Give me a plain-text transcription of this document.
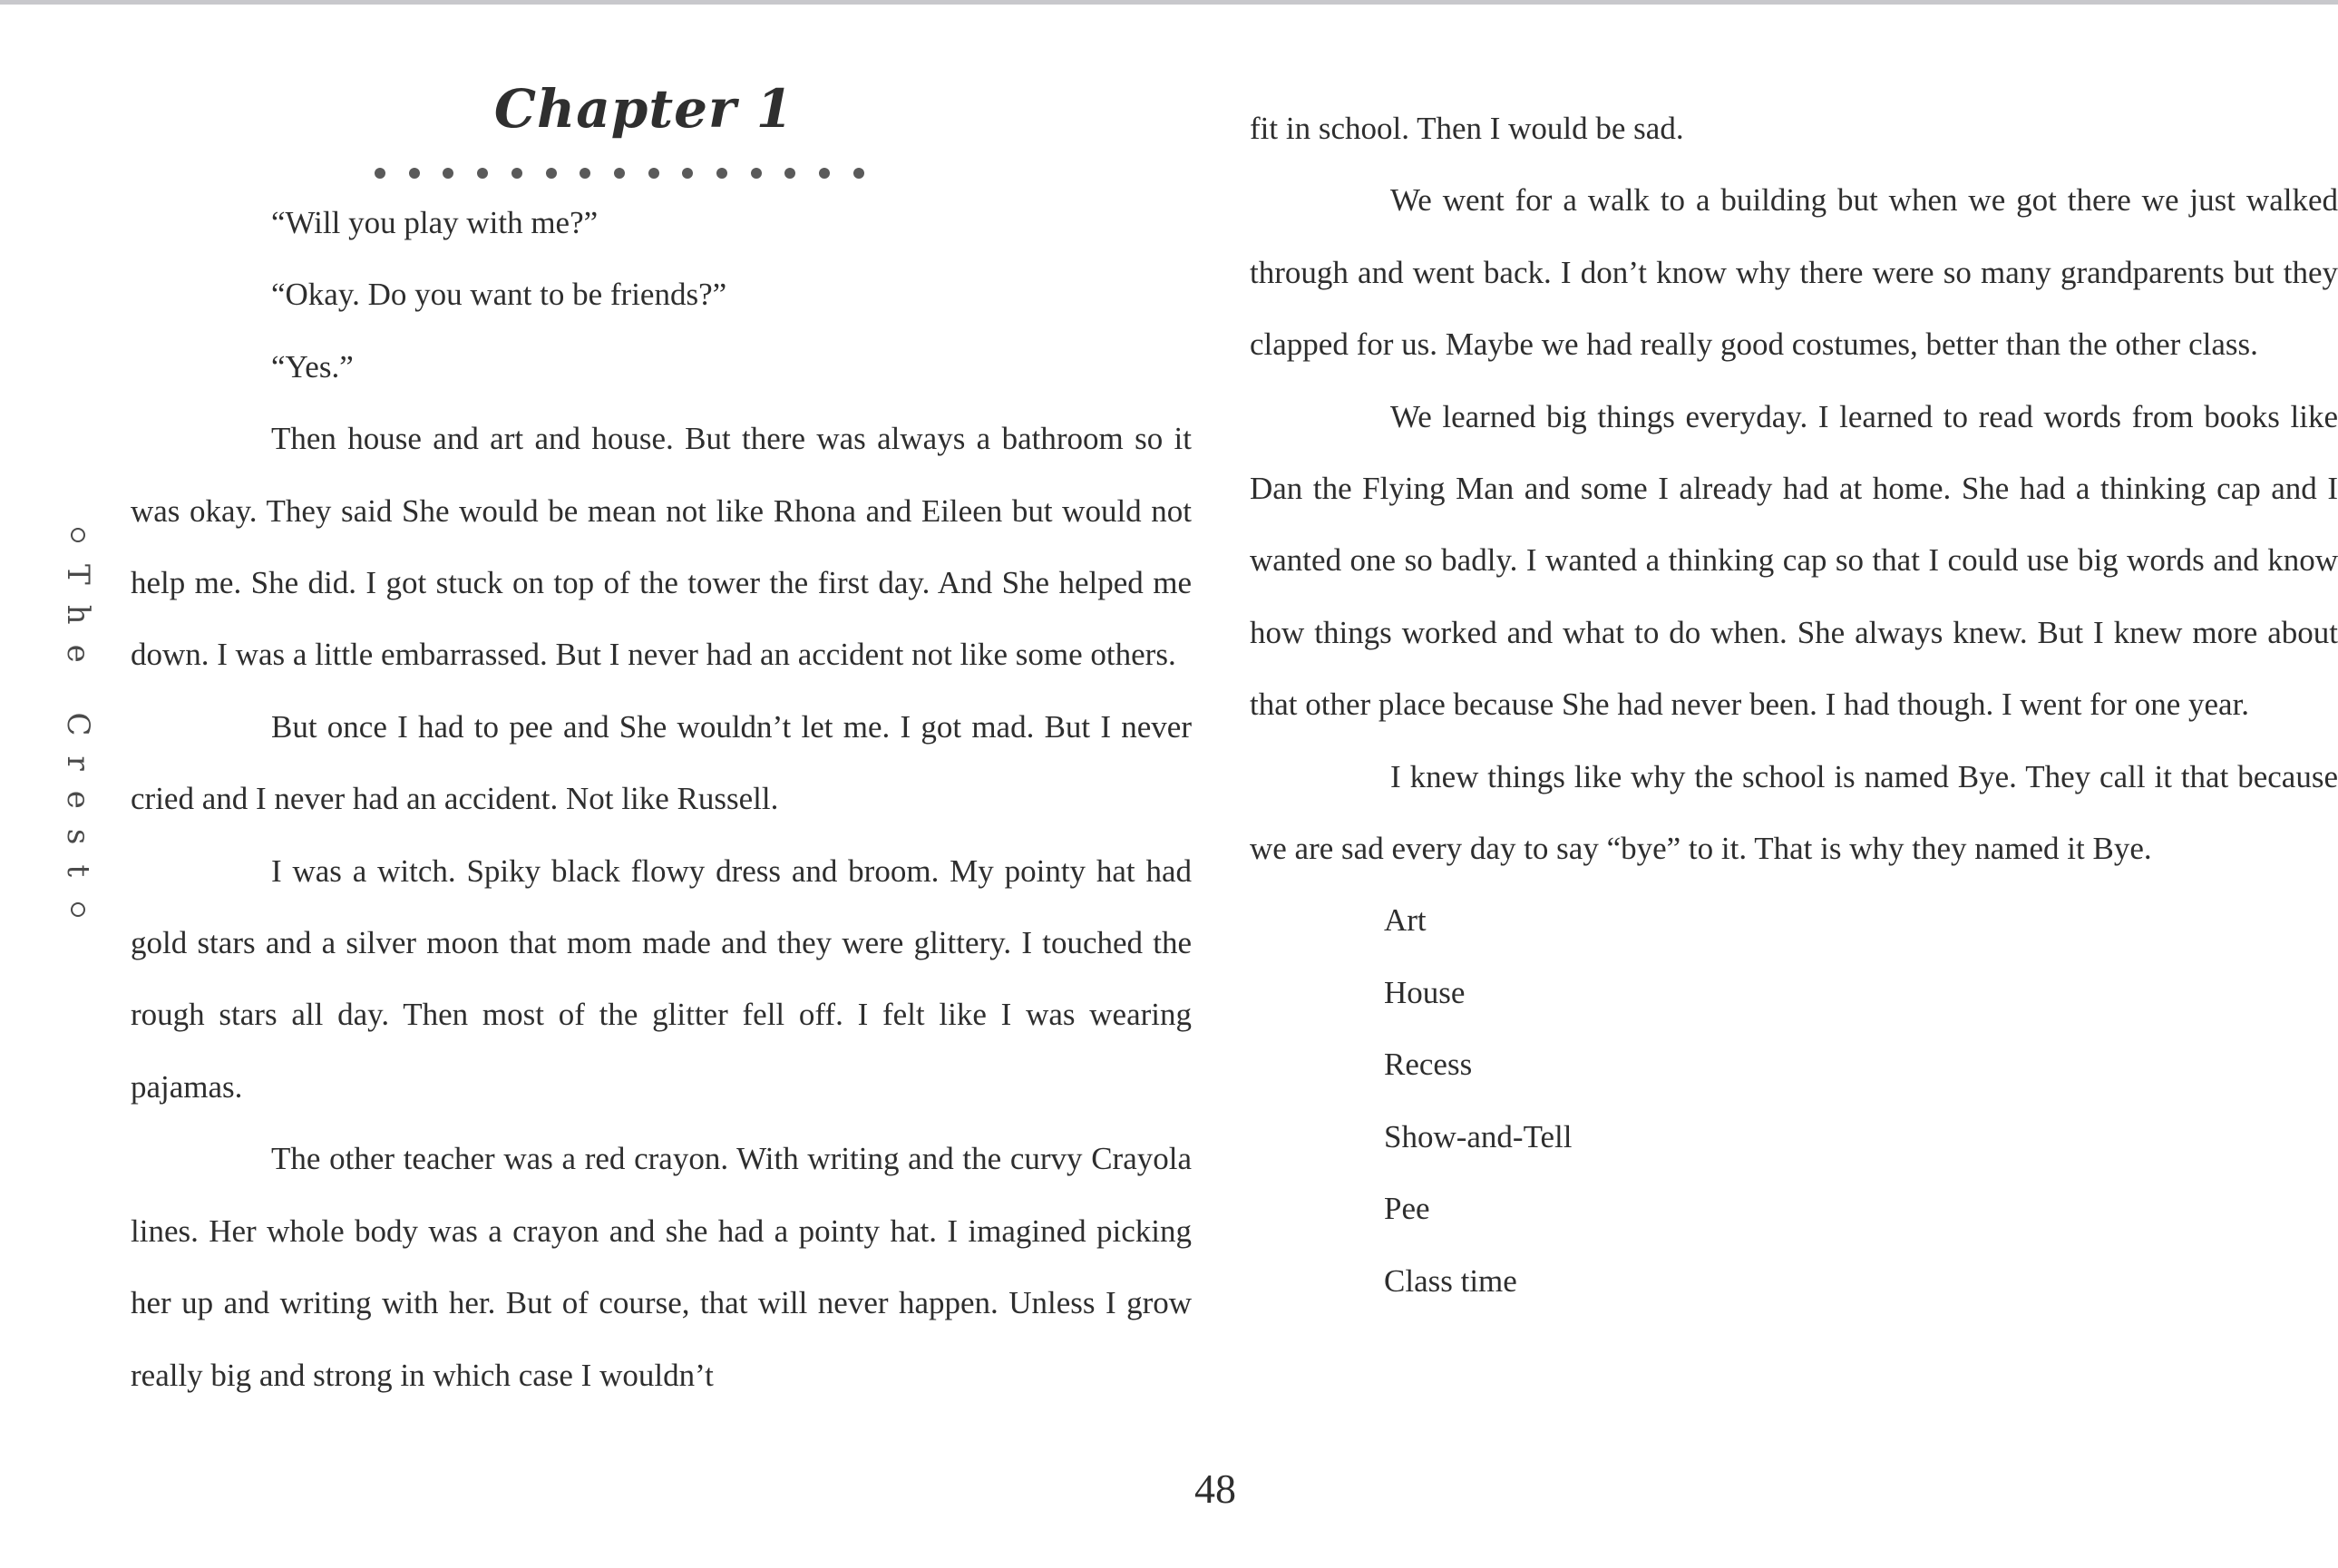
The Crest
Chapter 1

“Will you play with me?”

“Okay. Do you want to be friends?”

“Yes.”

Then house and art and house. But there was always a bathroom so it was okay. They said She would be mean not like Rhona and Eileen but would not help me. She did. I got stuck on top of the tower the first day. And She helped me down. I was a little embarrassed. But I never had an accident not like some others.

But once I had to pee and She wouldn’t let me. I got mad. But I never cried and I never had an accident. Not like Russell.

I was a witch. Spiky black flowy dress and broom. My pointy hat had gold stars and a silver moon that mom made and they were glittery. I touched the rough stars all day. Then most of the glitter fell off. I felt like I was wearing pajamas.

The other teacher was a red crayon. With writing and the curvy Crayola lines. Her whole body was a crayon and she had a pointy hat. I imagined picking her up and writing with her. But of course, that will never happen. Unless I grow really big and strong in which case I wouldn’t

fit in school. Then I would be sad.

We went for a walk to a building but when we got there we just walked through and went back. I don’t know why there were so many grandparents but they clapped for us. Maybe we had really good costumes, better than the other class.

We learned big things everyday. I learned to read words from books like Dan the Flying Man and some I already had at home. She had a thinking cap and I wanted one so badly. I wanted a thinking cap so that I could use big words and know how things worked and what to do when. She always knew. But I knew more about that other place because She had never been. I had though. I went for one year.

I knew things like why the school is named Bye. They call it that because we are sad every day to say “bye” to it. That is why they named it Bye.

Art

House

Recess

Show-and-Tell

Pee

Class time

48
